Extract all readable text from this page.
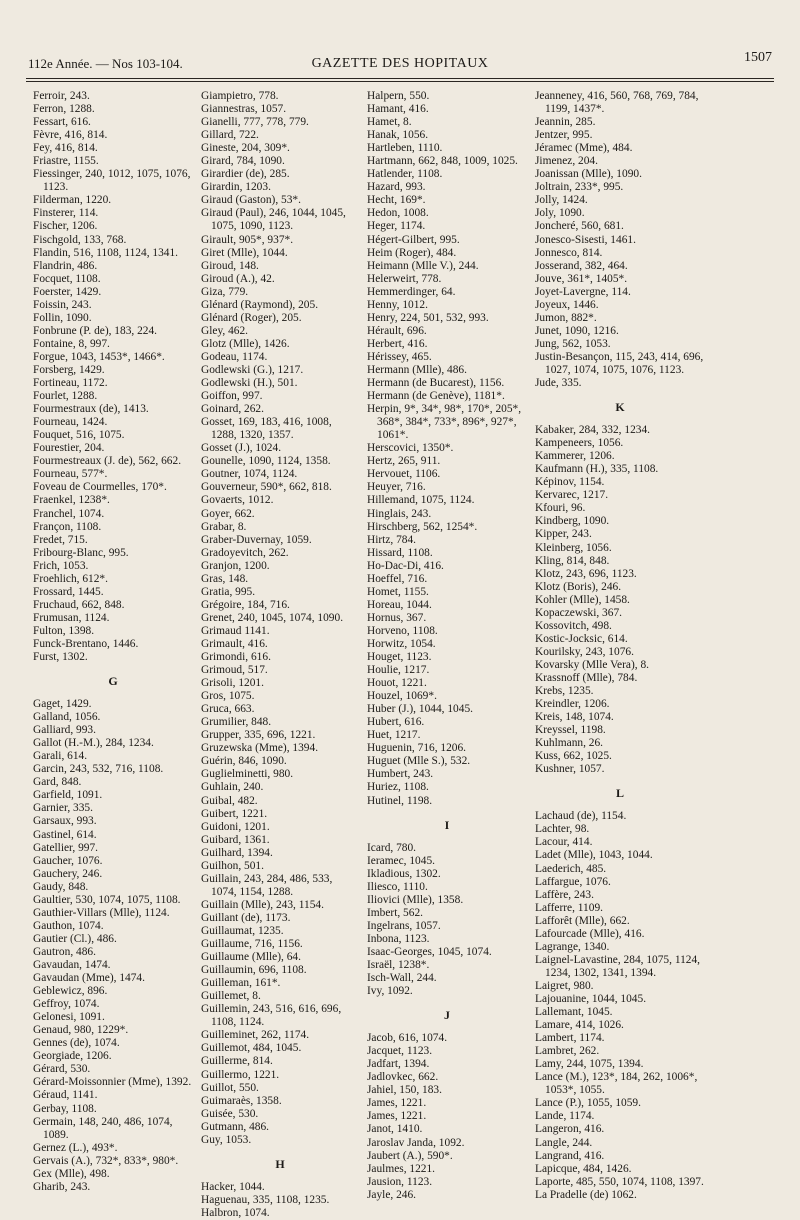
112e Année. — Nos 103-104.	GAZETTE DES HOPITAUX	1507
Ferroir, 243.
Ferron, 1288.
Fessart, 616.
Fèvre, 416, 814.
Fey, 416, 814.
Friastre, 1155.
Fiessinger, 240, 1012, 1075, 1076, 1123.
Filderman, 1220.
Finsterer, 114.
Fischer, 1206.
Fischgold, 133, 768.
Flandin, 516, 1108, 1124, 1341.
Flandrin, 486.
Focquet, 1108.
Foerster, 1429.
Foissin, 243.
Follin, 1090.
Fonbrune (P. de), 183, 224.
Fontaine, 8, 997.
Forgue, 1043, 1453*, 1466*.
Forsberg, 1429.
Fortineau, 1172.
Fourlet, 1288.
Fourmestraux (de), 1413.
Fourneau, 1424.
Fouquet, 516, 1075.
Fourestier, 204.
Fourmestreaux (J. de), 562, 662.
Fourneau, 577*.
Foveau de Courmelles, 170*.
Fraenkel, 1238*.
Franchel, 1074.
Françon, 1108.
Fredet, 715.
Fribourg-Blanc, 995.
Frich, 1053.
Froehlich, 612*.
Frossard, 1445.
Fruchaud, 662, 848.
Frumusan, 1124.
Fulton, 1398.
Funck-Brentano, 1446.
Furst, 1302.
G
Gaget, 1429.
Galland, 1056.
Galliard, 993.
Gallot (H.-M.), 284, 1234.
Garali, 614.
Garcin, 243, 532, 716, 1108.
Gard, 848.
Garfield, 1091.
Garnier, 335.
Garsaux, 993.
Gastinel, 614.
Gatellier, 997.
Gaucher, 1076.
Gauchery, 246.
Gaudy, 848.
Gaultier, 530, 1074, 1075, 1108.
Gauthier-Villars (Mlle), 1124.
Gauthon, 1074.
Gautier (Cl.), 486.
Gautron, 486.
Gavaudan, 1474.
Gavaudan (Mme), 1474.
Geblewicz, 896.
Geffroy, 1074.
Gelonesi, 1091.
Genaud, 980, 1229*.
Gennes (de), 1074.
Georgiade, 1206.
Gérard, 530.
Gérard-Moissonnier (Mme), 1392.
Géraud, 1141.
Gerbay, 1108.
Germain, 148, 240, 486, 1074, 1089.
Gernez (L.), 493*.
Gervais (A.), 732*, 833*, 980*.
Gex (Mlle), 498.
Gharib, 243.
Giampietro, 778.
Giannestras, 1057.
Gianelli, 777, 778, 779.
Gillard, 722.
Gineste, 204, 309*.
Girard, 784, 1090.
Girardier (de), 285.
Girardin, 1203.
Giraud (Gaston), 53*.
Giraud (Paul), 246, 1044, 1045, 1075, 1090, 1123.
Girault, 905*, 937*.
Giret (Mlle), 1044.
Giroud, 148.
Giroud (A.), 42.
Giza, 779.
Glénard (Raymond), 205.
Glénard (Roger), 205.
Gley, 462.
Glotz (Mlle), 1426.
Godeau, 1174.
Godlewski (G.), 1217.
Godlewski (H.), 501.
Goiffon, 997.
Goinard, 262.
Gosset, 169, 183, 416, 1008, 1288, 1320, 1357.
Gosset (J.), 1024.
Gounelle, 1090, 1124, 1358.
Goutner, 1074, 1124.
Gouverneur, 590*, 662, 818.
Govaerts, 1012.
Goyer, 662.
Grabar, 8.
Graber-Duvernay, 1059.
Gradoyevitch, 262.
Granjon, 1200.
Gras, 148.
Gratia, 995.
Grégoire, 184, 716.
Grenet, 240, 1045, 1074, 1090.
Grimaud 1141.
Grimault, 416.
Grimondi, 616.
Grimoud, 517.
Grisoli, 1201.
Gros, 1075.
Gruca, 663.
Grumilier, 848.
Grupper, 335, 696, 1221.
Gruzewska (Mme), 1394.
Guérin, 846, 1090.
Guglielminetti, 980.
Guhlain, 240.
Guibal, 482.
Guibert, 1221.
Guidoni, 1201.
Guibard, 1361.
Guilhard, 1394.
Guilhon, 501.
Guillain, 243, 284, 486, 533, 1074, 1154, 1288.
Guillain (Mlle), 243, 1154.
Guillant (de), 1173.
Guillaumat, 1235.
Guillaume, 716, 1156.
Guillaume (Mlle), 64.
Guillaumin, 696, 1108.
Guilleman, 161*.
Guillemet, 8.
Guillemin, 243, 516, 616, 696, 1108, 1124.
Guilleminet, 262, 1174.
Guillemot, 484, 1045.
Guillerme, 814.
Guillermo, 1221.
Guillot, 550.
Guimaraès, 1358.
Guisée, 530.
Gutmann, 486.
Guy, 1053.
H
Hacker, 1044.
Haguenau, 335, 1108, 1235.
Halbron, 1074.
Halpern, 550.
Hamant, 416.
Hamet, 8.
Hanak, 1056.
Hartleben, 1110.
Hartmann, 662, 848, 1009, 1025.
Hatlender, 1108.
Hazard, 993.
Hecht, 169*.
Hedon, 1008.
Heger, 1174.
Hégert-Gilbert, 995.
Heim (Roger), 484.
Heimann (Mlle V.), 244.
Helerweirt, 778.
Hemmerdinger, 64.
Henny, 1012.
Henry, 224, 501, 532, 993.
Hérault, 696.
Herbert, 416.
Hérissey, 465.
Hermann (Mlle), 486.
Hermann (de Bucarest), 1156.
Hermann (de Genève), 1181*.
Herpin, 9*, 34*, 98*, 170*, 205*, 368*, 384*, 733*, 896*, 927*, 1061*.
Herscovici, 1350*.
Hertz, 265, 911.
Hervouet, 1106.
Heuyer, 716.
Hillemand, 1075, 1124.
Hinglais, 243.
Hirschberg, 562, 1254*.
Hirtz, 784.
Hissard, 1108.
Ho-Dac-Di, 416.
Hoeffel, 716.
Homet, 1155.
Horeau, 1044.
Hornus, 367.
Horveno, 1108.
Horwitz, 1054.
Houget, 1123.
Houlie, 1217.
Houot, 1221.
Houzel, 1069*.
Huber (J.), 1044, 1045.
Hubert, 616.
Huet, 1217.
Huguenin, 716, 1206.
Huguet (Mlle S.), 532.
Humbert, 243.
Huriez, 1108.
Hutinel, 1198.
I
Icard, 780.
Ieramec, 1045.
Ikladious, 1302.
Iliesco, 1110.
Iliovici (Mlle), 1358.
Imbert, 562.
Ingelrans, 1057.
Inbona, 1123.
Isaac-Georges, 1045, 1074.
Israël, 1238*.
Isch-Wall, 244.
Ivy, 1092.
J
Jacob, 616, 1074.
Jacquet, 1123.
Jadfart, 1394.
Jadlovkec, 662.
Jahiel, 150, 183.
James, 1221.
James, 1221.
Janot, 1410.
Jaroslav Janda, 1092.
Jaubert (A.), 590*.
Jaulmes, 1221.
Jausion, 1123.
Jayle, 246.
Jeanneney, 416, 560, 768, 769, 784, 1199, 1437*.
Jeannin, 285.
Jentzer, 995.
Jéramec (Mme), 484.
Jimenez, 204.
Joanissan (Mlle), 1090.
Joltrain, 233*, 995.
Jolly, 1424.
Joly, 1090.
Joncheré, 560, 681.
Jonesco-Sisesti, 1461.
Jonnesco, 814.
Josserand, 382, 464.
Jouve, 361*, 1405*.
Joyet-Lavergne, 114.
Joyeux, 1446.
Jumon, 882*.
Junet, 1090, 1216.
Jung, 562, 1053.
Justin-Besançon, 115, 243, 414, 696, 1027, 1074, 1075, 1076, 1123.
Jude, 335.
K
Kabaker, 284, 332, 1234.
Kampeneers, 1056.
Kammerer, 1206.
Kaufmann (H.), 335, 1108.
Képinov, 1154.
Kervarec, 1217.
Kfouri, 96.
Kindberg, 1090.
Kipper, 243.
Kleinberg, 1056.
Kling, 814, 848.
Klotz, 243, 696, 1123.
Klotz (Boris), 246.
Kohler (Mlle), 1458.
Kopaczewski, 367.
Kossovitch, 498.
Kostic-Jocksic, 614.
Kourilsky, 243, 1076.
Kovarsky (Mlle Vera), 8.
Krassnoff (Mlle), 784.
Krebs, 1235.
Kreindler, 1206.
Kreis, 148, 1074.
Kreyssel, 1198.
Kuhlmann, 26.
Kuss, 662, 1025.
Kushner, 1057.
L
Lachaud (de), 1154.
Lachter, 98.
Lacour, 414.
Ladet (Mlle), 1043, 1044.
Laederich, 485.
Laffargue, 1076.
Laffère, 243.
Lafferre, 1109.
Lafforêt (Mlle), 662.
Lafourcade (Mlle), 416.
Lagrange, 1340.
Laignel-Lavastine, 284, 1075, 1124, 1234, 1302, 1341, 1394.
Laigret, 980.
Lajouanine, 1044, 1045.
Lallemant, 1045.
Lamare, 414, 1026.
Lambert, 1174.
Lambret, 262.
Lamy, 244, 1075, 1394.
Lance (M.), 123*, 184, 262, 1006*, 1053*, 1055.
Lance (P.), 1055, 1059.
Lande, 1174.
Langeron, 416.
Langle, 244.
Langrand, 416.
Lapicque, 484, 1426.
Laporte, 485, 550, 1074, 1108, 1397.
La Pradelle (de) 1062.
